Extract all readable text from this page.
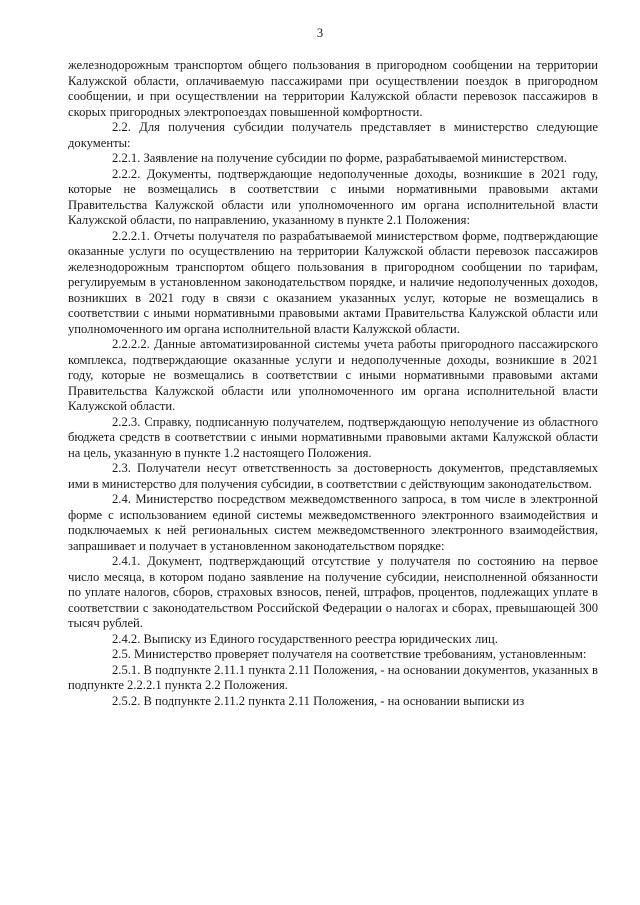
3

железнодорожным транспортом общего пользования в пригородном сообщении на территории Калужской области, оплачиваемую пассажирами при осуществлении поездок в пригородном сообщении, и при осуществлении на территории Калужской области перевозок пассажиров в скорых пригородных электропоездах повышенной комфортности.

2.2. Для получения субсидии получатель представляет в министерство следующие документы:

2.2.1. Заявление на получение субсидии по форме, разрабатываемой министерством.

2.2.2. Документы, подтверждающие недополученные доходы, возникшие в 2021 году, которые не возмещались в соответствии с иными нормативными правовыми актами Правительства Калужской области или уполномоченного им органа исполнительной власти Калужской области, по направлению, указанному в пункте 2.1 Положения:

2.2.2.1. Отчеты получателя по разрабатываемой министерством форме, подтверждающие оказанные услуги по осуществлению на территории Калужской области перевозок пассажиров железнодорожным транспортом общего пользования в пригородном сообщении по тарифам, регулируемым в установленном законодательством порядке, и наличие недополученных доходов, возникших в 2021 году в связи с оказанием указанных услуг, которые не возмещались в соответствии с иными нормативными правовыми актами Правительства Калужской области или уполномоченного им органа исполнительной власти Калужской области.

2.2.2.2. Данные автоматизированной системы учета работы пригородного пассажирского комплекса, подтверждающие оказанные услуги и недополученные доходы, возникшие в 2021 году, которые не возмещались в соответствии с иными нормативными правовыми актами Правительства Калужской области или уполномоченного им органа исполнительной власти Калужской области.

2.2.3. Справку, подписанную получателем, подтверждающую неполучение из областного бюджета средств в соответствии с иными нормативными правовыми актами Калужской области на цель, указанную в пункте 1.2 настоящего Положения.

2.3. Получатели несут ответственность за достоверность документов, представляемых ими в министерство для получения субсидии, в соответствии с действующим законодательством.

2.4. Министерство посредством межведомственного запроса, в том числе в электронной форме с использованием единой системы межведомственного электронного взаимодействия и подключаемых к ней региональных систем межведомственного электронного взаимодействия, запрашивает и получает в установленном законодательством порядке:

2.4.1. Документ, подтверждающий отсутствие у получателя по состоянию на первое число месяца, в котором подано заявление на получение субсидии, неисполненной обязанности по уплате налогов, сборов, страховых взносов, пеней, штрафов, процентов, подлежащих уплате в соответствии с законодательством Российской Федерации о налогах и сборах, превышающей 300 тысяч рублей.

2.4.2. Выписку из Единого государственного реестра юридических лиц.

2.5. Министерство проверяет получателя на соответствие требованиям, установленным:

2.5.1. В подпункте 2.11.1 пункта 2.11 Положения, - на основании документов, указанных в подпункте 2.2.2.1 пункта 2.2 Положения.

2.5.2. В подпункте 2.11.2 пункта 2.11 Положения, - на основании выписки из
